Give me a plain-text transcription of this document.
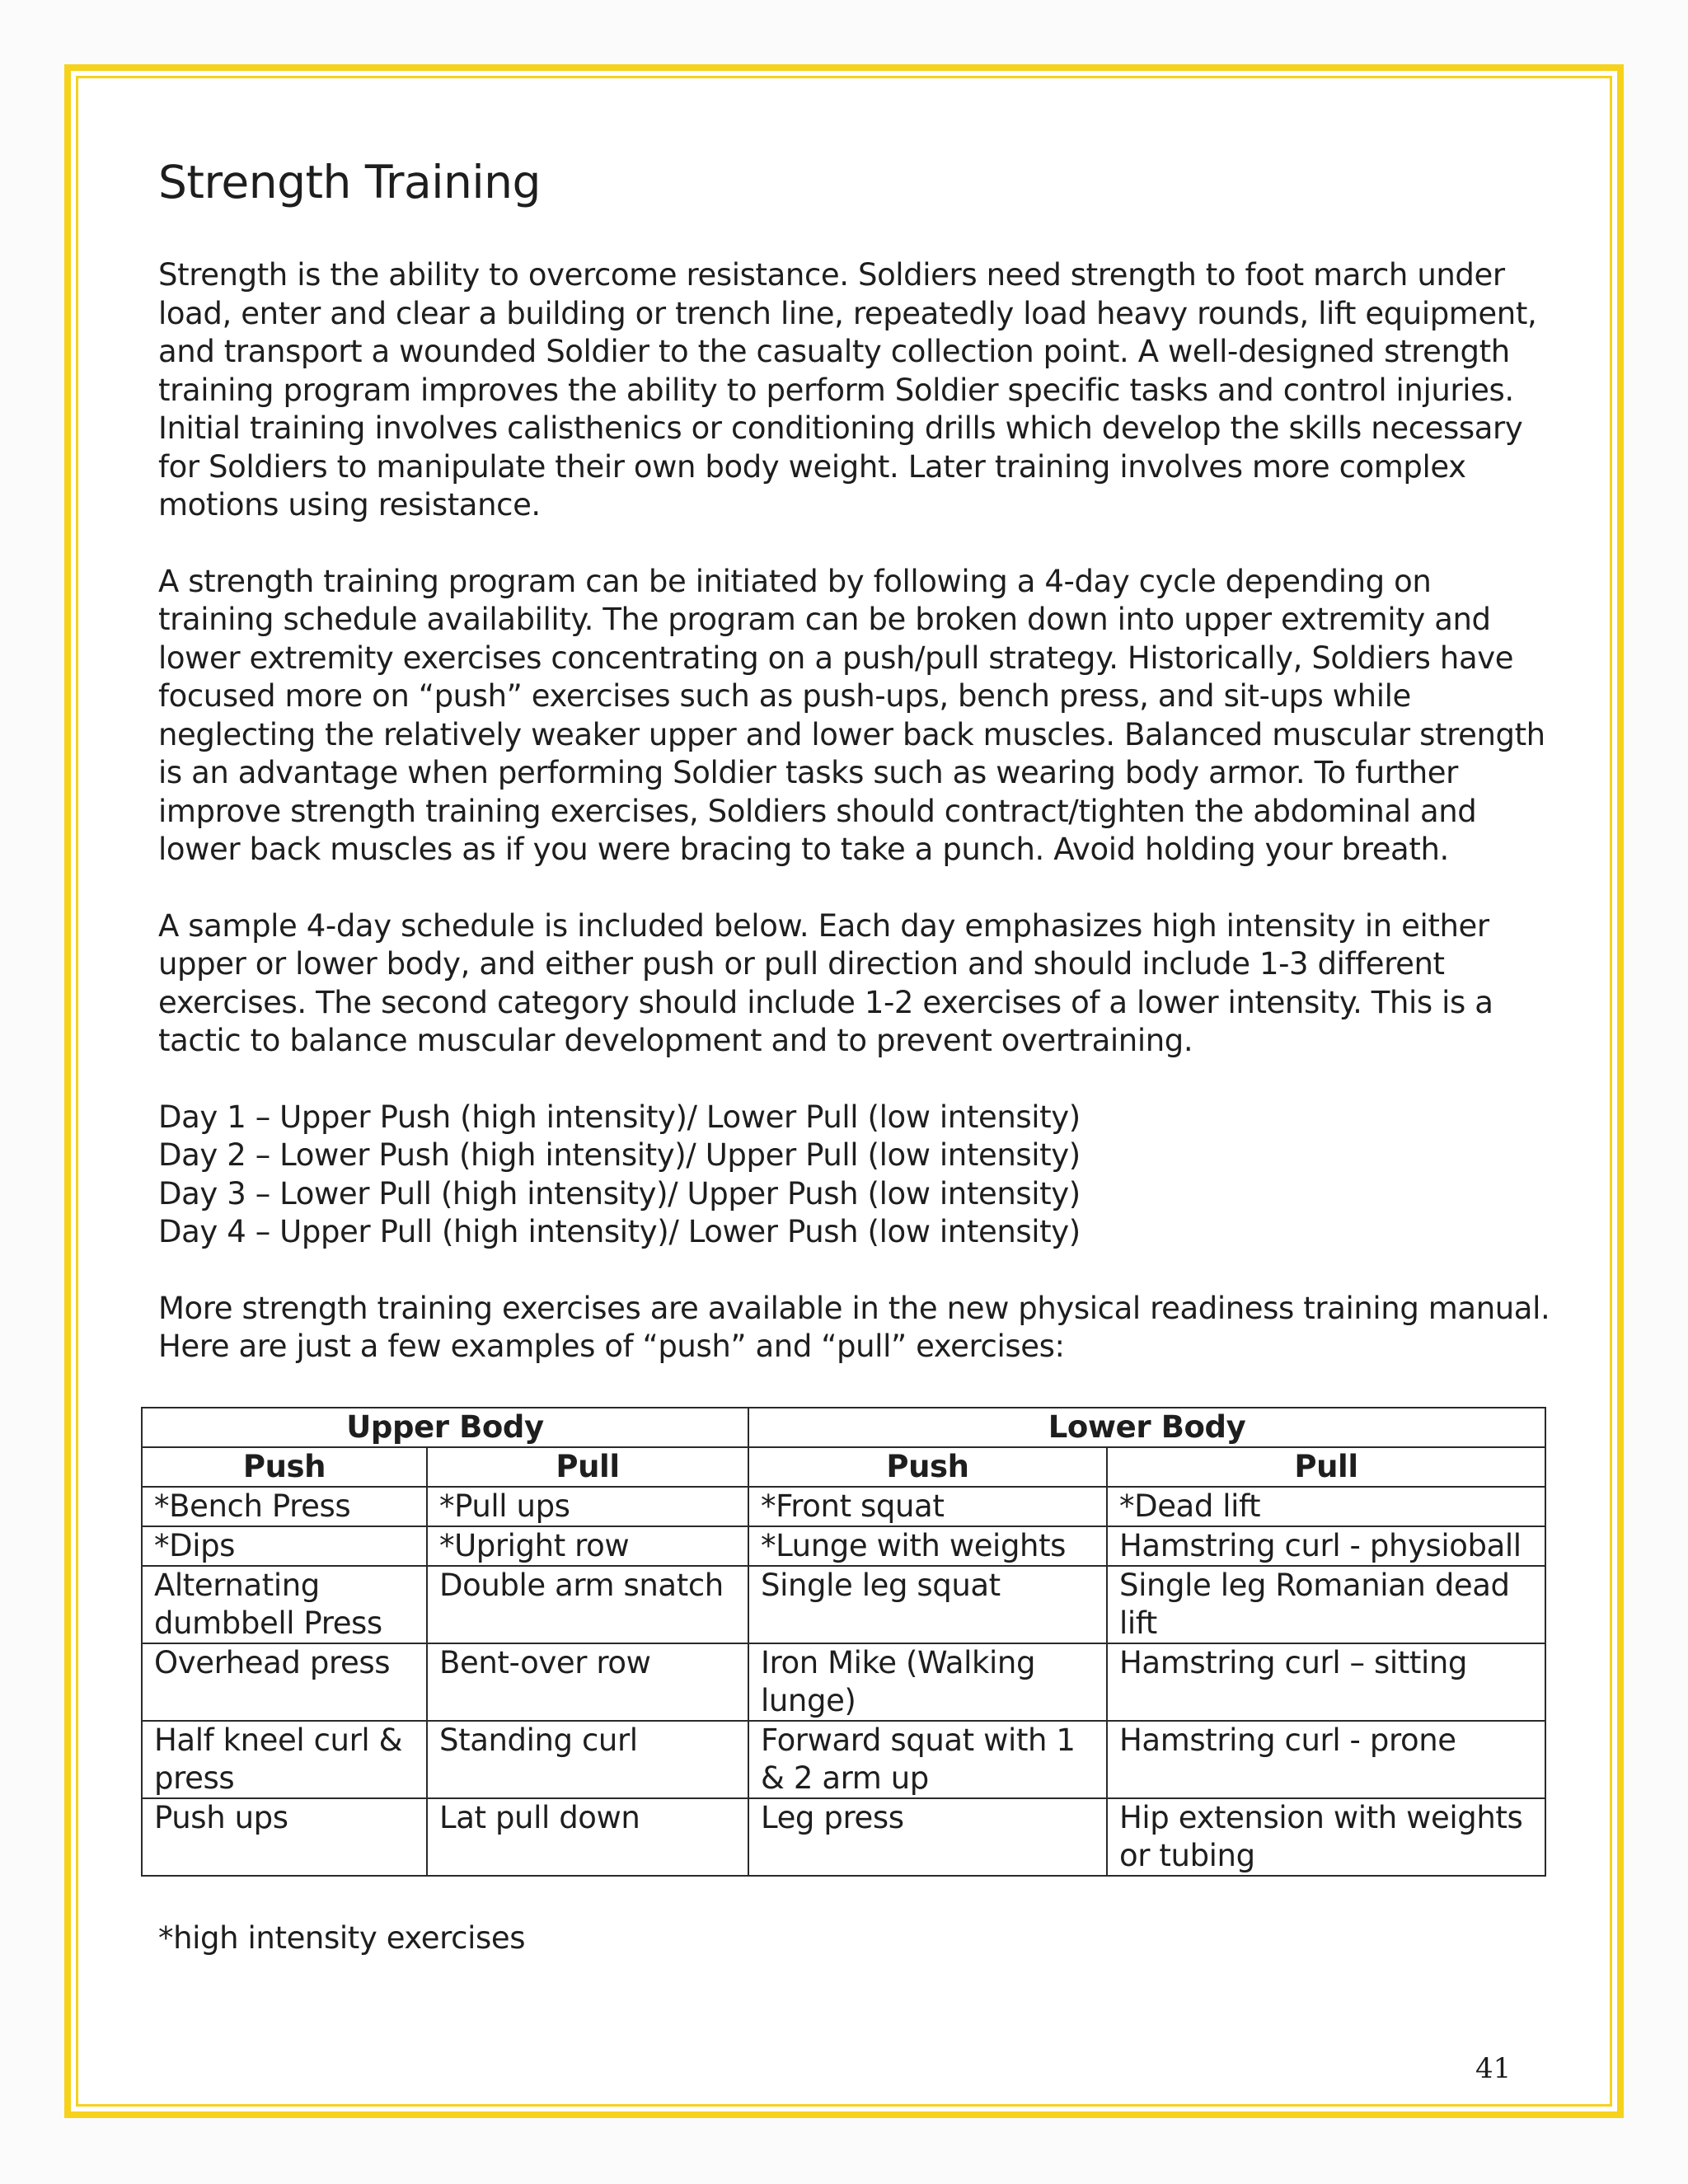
Strength Training

Strength is the ability to overcome resistance. Soldiers need strength to foot march under load, enter and clear a building or trench line, repeatedly load heavy rounds, lift equipment, and transport a wounded Soldier to the casualty collection point. A well-designed strength training program improves the ability to perform Soldier specific tasks and control injuries. Initial training involves calisthenics or conditioning drills which develop the skills necessary for Soldiers to manipulate their own body weight. Later training involves more complex motions using resistance.

A strength training program can be initiated by following a 4-day cycle depending on training schedule availability. The program can be broken down into upper extremity and lower extremity exercises concentrating on a push/pull strategy. Historically, Soldiers have focused more on “push” exercises such as push-ups, bench press, and sit-ups while neglecting the relatively weaker upper and lower back muscles. Balanced muscular strength is an advantage when performing Soldier tasks such as wearing body armor. To further improve strength training exercises, Soldiers should contract/tighten the abdominal and lower back muscles as if you were bracing to take a punch. Avoid holding your breath.

A sample 4-day schedule is included below. Each day emphasizes high intensity in either upper or lower body, and either push or pull direction and should include 1-3 different exercises. The second category should include 1-2 exercises of a lower intensity. This is a tactic to balance muscular development and to prevent overtraining.

Day 1 – Upper Push (high intensity)/ Lower Pull (low intensity)
Day 2 – Lower Push (high intensity)/ Upper Pull (low intensity)
Day 3 – Lower Pull (high intensity)/ Upper Push (low intensity)
Day 4 – Upper Pull (high intensity)/ Lower Push (low intensity)

More strength training exercises are available in the new physical readiness training manual. Here are just a few examples of “push” and “pull” exercises:

Upper Body		Lower Body	
Push	Pull	Push	Pull
*Bench Press	*Pull ups	*Front squat	*Dead lift
*Dips	*Upright row	*Lunge with weights	Hamstring curl - physioball
Alternating dumbbell Press	Double arm snatch	Single leg squat	Single leg Romanian dead lift
Overhead press	Bent-over row	Iron Mike (Walking lunge)	Hamstring curl – sitting
Half kneel curl & press	Standing curl	Forward squat with 1 & 2 arm up	Hamstring curl - prone
Push ups	Lat pull down	Leg press	Hip extension with weights or tubing
*high intensity exercises
41
